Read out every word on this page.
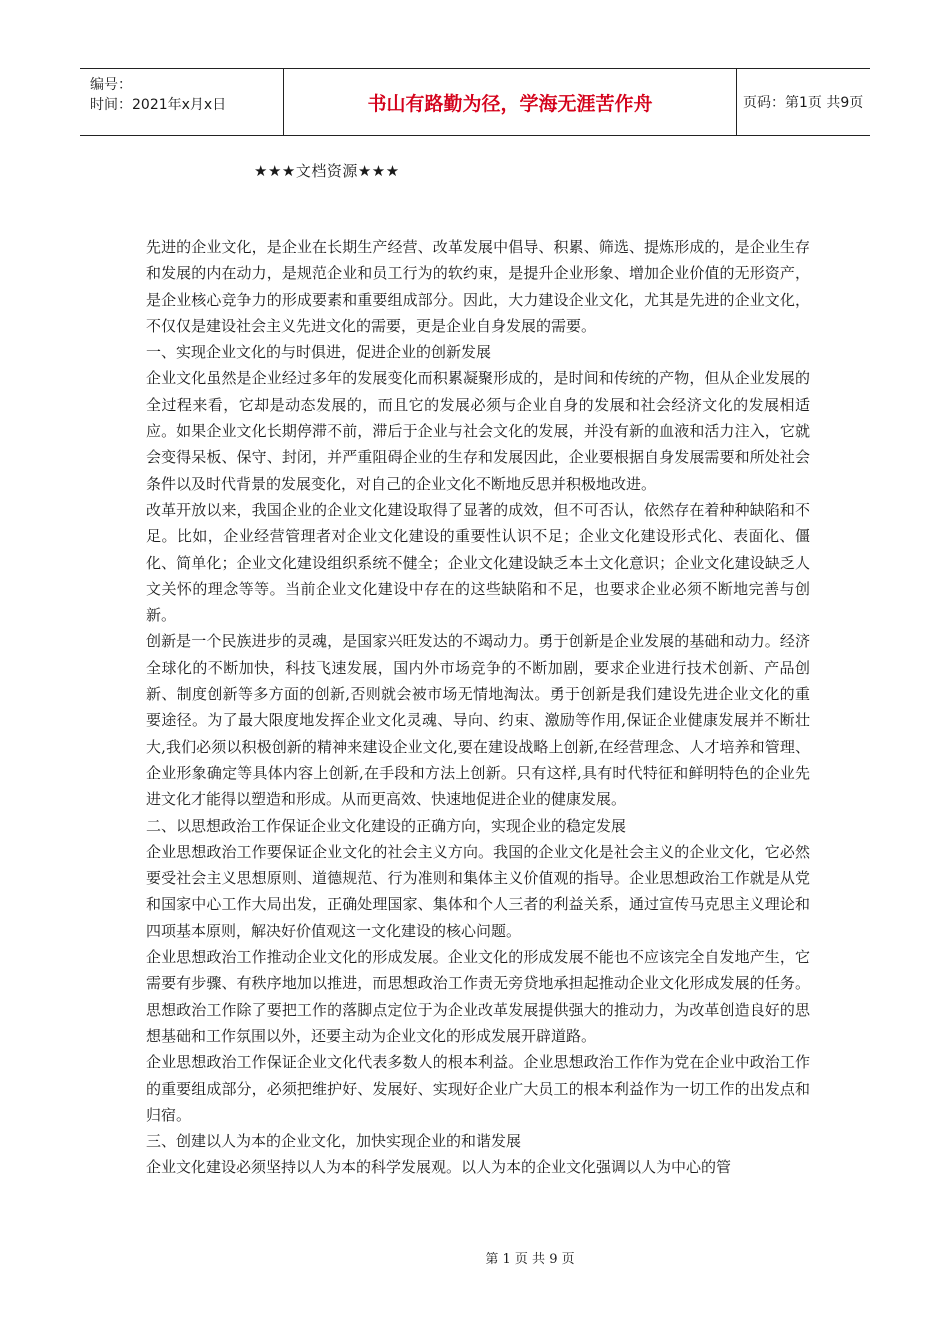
编号：
时间：2021年x月x日	书山有路勤为径，学海无涯苦作舟	页码：第1页 共9页
★★★文档资源★★★

先进的企业文化，是企业在长期生产经营、改革发展中倡导、积累、筛选、提炼形成的，是企业生存和发展的内在动力，是规范企业和员工行为的软约束，是提升企业形象、增加企业价值的无形资产，是企业核心竞争力的形成要素和重要组成部分。因此，大力建设企业文化，尤其是先进的企业文化，不仅仅是建设社会主义先进文化的需要，更是企业自身发展的需要。

一、实现企业文化的与时俱进，促进企业的创新发展

企业文化虽然是企业经过多年的发展变化而积累凝聚形成的，是时间和传统的产物，但从企业发展的全过程来看，它却是动态发展的，而且它的发展必须与企业自身的发展和社会经济文化的发展相适应。如果企业文化长期停滞不前，滞后于企业与社会文化的发展，并没有新的血液和活力注入，它就会变得呆板、保守、封闭，并严重阻碍企业的生存和发展因此，企业要根据自身发展需要和所处社会条件以及时代背景的发展变化，对自己的企业文化不断地反思并积极地改进。

改革开放以来，我国企业的企业文化建设取得了显著的成效，但不可否认，依然存在着种种缺陷和不足。比如，企业经营管理者对企业文化建设的重要性认识不足；企业文化建设形式化、表面化、僵化、简单化；企业文化建设组织系统不健全；企业文化建设缺乏本土文化意识；企业文化建设缺乏人文关怀的理念等等。当前企业文化建设中存在的这些缺陷和不足，也要求企业必须不断地完善与创新。

创新是一个民族进步的灵魂，是国家兴旺发达的不竭动力。勇于创新是企业发展的基础和动力。经济全球化的不断加快，科技飞速发展，国内外市场竞争的不断加剧，要求企业进行技术创新、产品创新、制度创新等多方面的创新,否则就会被市场无情地淘汰。勇于创新是我们建设先进企业文化的重要途径。为了最大限度地发挥企业文化灵魂、导向、约束、激励等作用,保证企业健康发展并不断壮大,我们必须以积极创新的精神来建设企业文化,要在建设战略上创新,在经营理念、人才培养和管理、企业形象确定等具体内容上创新,在手段和方法上创新。只有这样,具有时代特征和鲜明特色的企业先进文化才能得以塑造和形成。从而更高效、快速地促进企业的健康发展。

二、以思想政治工作保证企业文化建设的正确方向，实现企业的稳定发展

企业思想政治工作要保证企业文化的社会主义方向。我国的企业文化是社会主义的企业文化，它必然要受社会主义思想原则、道德规范、行为准则和集体主义价值观的指导。企业思想政治工作就是从党和国家中心工作大局出发，正确处理国家、集体和个人三者的利益关系，通过宣传马克思主义理论和四项基本原则，解决好价值观这一文化建设的核心问题。

企业思想政治工作推动企业文化的形成发展。企业文化的形成发展不能也不应该完全自发地产生，它需要有步骤、有秩序地加以推进，而思想政治工作责无旁贷地承担起推动企业文化形成发展的任务。思想政治工作除了要把工作的落脚点定位于为企业改革发展提供强大的推动力，为改革创造良好的思想基础和工作氛围以外，还要主动为企业文化的形成发展开辟道路。

企业思想政治工作保证企业文化代表多数人的根本利益。企业思想政治工作作为党在企业中政治工作的重要组成部分，必须把维护好、发展好、实现好企业广大员工的根本利益作为一切工作的出发点和归宿。

三、创建以人为本的企业文化，加快实现企业的和谐发展

企业文化建设必须坚持以人为本的科学发展观。以人为本的企业文化强调以人为中心的管

第 1 页 共 9 页
